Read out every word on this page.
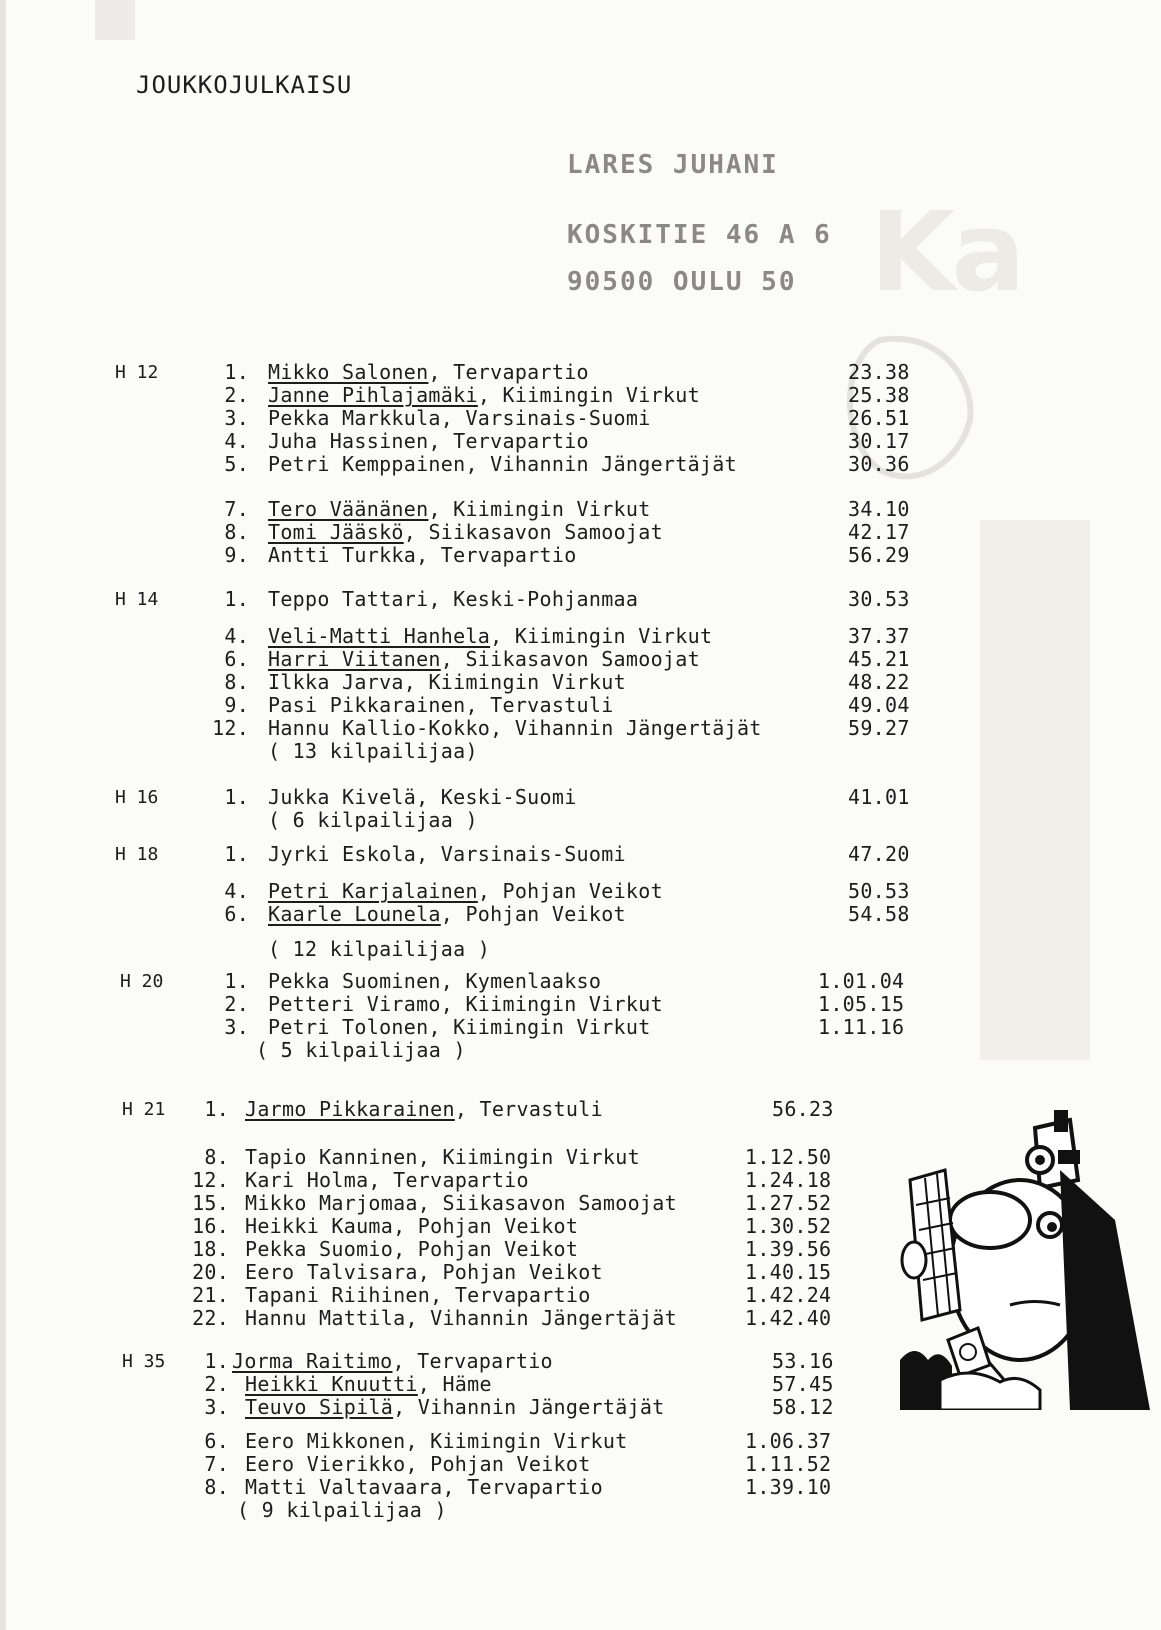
Ka
JOUKKOJULKAISU
LARES JUHANI
KOSKITIE 46 A 6
90500 OULU 50
H 12	1. Mikko Salonen, Tervapartio	23.38
2. Janne Pihlajamäki, Kiimingin Virkut	25.38
3. Pekka Markkula, Varsinais-Suomi	26.51
4. Juha Hassinen, Tervapartio	30.17
5. Petri Kemppainen, Vihannin Jängertäjät	30.36
7. Tero Väänänen, Kiimingin Virkut	34.10
8. Tomi Jääskö, Siikasavon Samoojat	42.17
9. Antti Turkka, Tervapartio	56.29
H 14	1. Teppo Tattari, Keski-Pohjanmaa	30.53
4. Veli-Matti Hanhela, Kiimingin Virkut	37.37
6. Harri Viitanen, Siikasavon Samoojat	45.21
8. Ilkka Jarva, Kiimingin Virkut	48.22
9. Pasi Pikkarainen, Tervastuli	49.04
12. Hannu Kallio-Kokko, Vihannin Jängertäjät	59.27
( 13 kilpailijaa)
H 16	1. Jukka Kivelä, Keski-Suomi	41.01
( 6 kilpailijaa )
H 18	1. Jyrki Eskola, Varsinais-Suomi	47.20
4. Petri Karjalainen, Pohjan Veikot	50.53
6. Kaarle Lounela, Pohjan Veikot	54.58
( 12 kilpailijaa )
H 20	1. Pekka Suominen, Kymenlaakso	1.01.04
2. Petteri Viramo, Kiimingin Virkut	1.05.15
3. Petri Tolonen, Kiimingin Virkut	1.11.16
( 5 kilpailijaa )
H 21 1. Jarmo Pikkarainen, Tervastuli	56.23
8. Tapio Kanninen, Kiimingin Virkut	1.12.50
12. Kari Holma, Tervapartio	1.24.18
15. Mikko Marjomaa, Siikasavon Samoojat	1.27.52
16. Heikki Kauma, Pohjan Veikot	1.30.52
18. Pekka Suomio, Pohjan Veikot	1.39.56
20. Eero Talvisara, Pohjan Veikot	1.40.15
21. Tapani Riihinen, Tervapartio	1.42.24
22. Hannu Mattila, Vihannin Jängertäjät	1.42.40
H 35 1. Jorma Raitimo, Tervapartio	53.16
2. Heikki Knuutti, Häme	57.45
3. Teuvo Sipilä, Vihannin Jängertäjät	58.12
6. Eero Mikkonen, Kiimingin Virkut	1.06.37
7. Eero Vierikko, Pohjan Veikot	1.11.52
8. Matti Valtavaara, Tervapartio	1.39.10
( 9 kilpailijaa )
